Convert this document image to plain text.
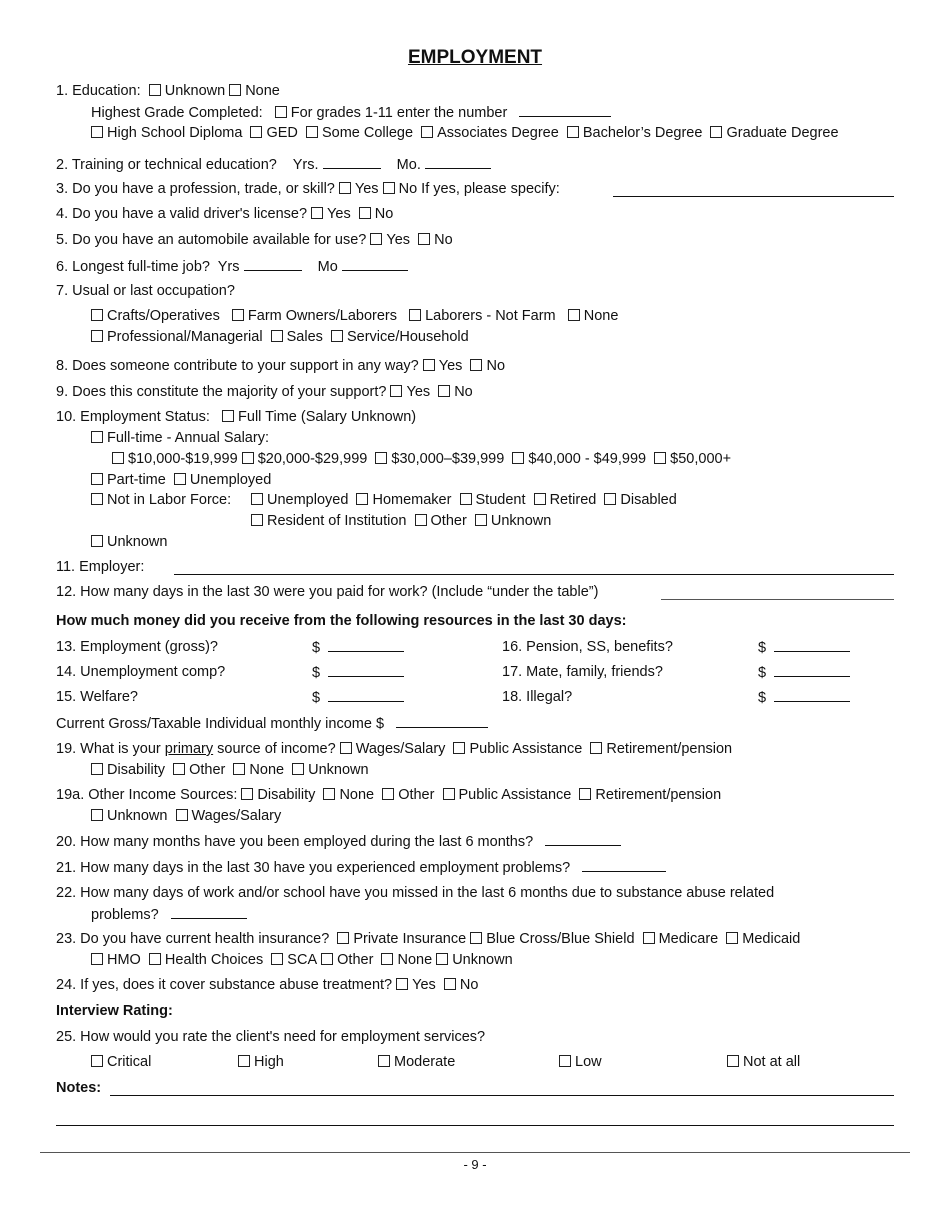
EMPLOYMENT
1. Education: Unknown None
Highest Grade Completed: For grades 1-11 enter the number
High School Diploma GED Some College Associates Degree Bachelor’s Degree Graduate Degree
2. Training or technical education? Yrs.	Mo.
3. Do you have a profession, trade, or skill? Yes No If yes, please specify:
4. Do you have a valid driver's license? Yes No
5. Do you have an automobile available for use? Yes No
6. Longest full-time job? Yrs	Mo
7. Usual or last occupation?
Crafts/Operatives Farm Owners/Laborers Laborers - Not Farm None
Professional/Managerial Sales Service/Household
8. Does someone contribute to your support in any way? Yes No
9. Does this constitute the majority of your support? Yes No
10. Employment Status: Full Time (Salary Unknown)
Full-time - Annual Salary:
$10,000-$19,999 $20,000-$29,999 $30,000–$39,999 $40,000 - $49,999 $50,000+
Part-time Unemployed
Not in Labor Force:	Unemployed Homemaker Student Retired Disabled
Resident of Institution Other Unknown
Unknown
11. Employer:
12. How many days in the last 30 were you paid for work? (Include “under the table”)
How much money did you receive from the following resources in the last 30 days:
13. Employment (gross)?	$	16. Pension, SS, benefits?	$
14. Unemployment comp?	$	17. Mate, family, friends?	$
15. Welfare?	$	18. Illegal?	$
Current Gross/Taxable Individual monthly income $
19. What is your primary source of income? Wages/Salary Public Assistance Retirement/pension
Disability Other None Unknown
19a. Other Income Sources: Disability None Other Public Assistance Retirement/pension
Unknown Wages/Salary
20. How many months have you been employed during the last 6 months?
21. How many days in the last 30 have you experienced employment problems?
22. How many days of work and/or school have you missed in the last 6 months due to substance abuse related
problems?
23. Do you have current health insurance? Private Insurance Blue Cross/Blue Shield Medicare Medicaid
HMO Health Choices SCA Other None Unknown
24. If yes, does it cover substance abuse treatment? Yes No
Interview Rating:
25. How would you rate the client's need for employment services?
Critical	High	Moderate	Low	Not at all
Notes:
- 9 -
